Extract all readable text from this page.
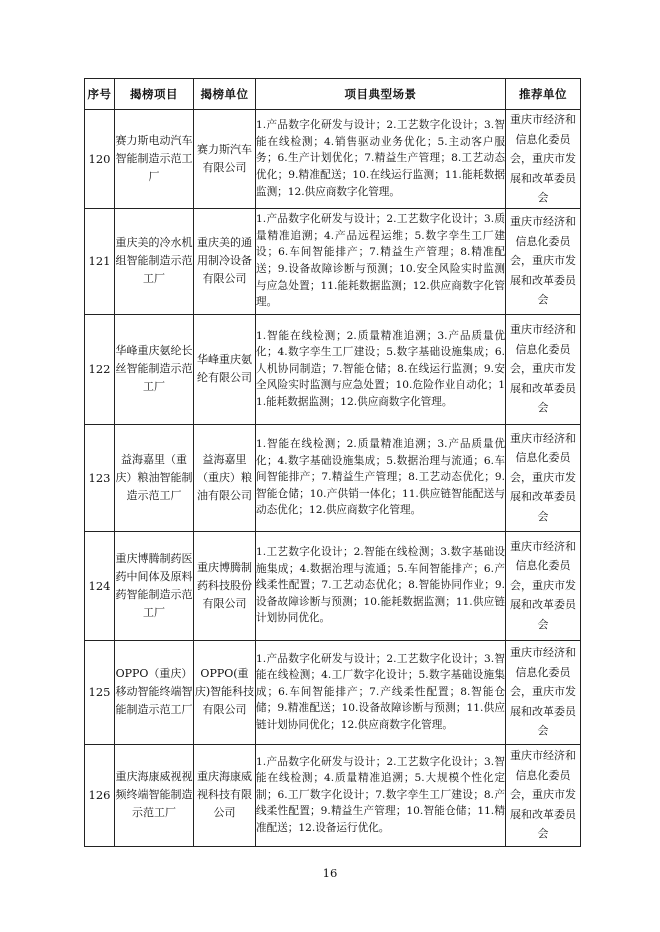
序号	揭榜项目	揭榜单位	项目典型场景	推荐单位
120	赛力斯电动汽车智能制造示范工厂	赛力斯汽车有限公司	1.产品数字化研发与设计；2.工艺数字化设计；3.智能在线检测；4.销售驱动业务优化；5.主动客户服务；6.生产计划优化；7.精益生产管理；8.工艺动态优化；9.精准配送；10.在线运行监测；11.能耗数据监测；12.供应商数字化管理。	重庆市经济和信息化委员会，重庆市发展和改革委员会
121	重庆美的冷水机组智能制造示范工厂	重庆美的通用制冷设备有限公司	1.产品数字化研发与设计；2.工艺数字化设计；3.质量精准追溯；4.产品远程运维；5.数字孪生工厂建设；6.车间智能排产；7.精益生产管理；8.精准配送；9.设备故障诊断与预测；10.安全风险实时监测与应急处置；11.能耗数据监测；12.供应商数字化管理。	重庆市经济和信息化委员会，重庆市发展和改革委员会
122	华峰重庆氨纶长丝智能制造示范工厂	华峰重庆氨纶有限公司	1.智能在线检测；2.质量精准追溯；3.产品质量优化；4.数字孪生工厂建设；5.数字基础设施集成；6.人机协同制造；7.智能仓储；8.在线运行监测；9.安全风险实时监测与应急处置；10.危险作业自动化；11.能耗数据监测；12.供应商数字化管理。	重庆市经济和信息化委员会，重庆市发展和改革委员会
123	益海嘉里（重庆）粮油智能制造示范工厂	益海嘉里（重庆）粮油有限公司	1.智能在线检测；2.质量精准追溯；3.产品质量优化；4.数字基础设施集成；5.数据治理与流通；6.车间智能排产；7.精益生产管理；8.工艺动态优化；9.智能仓储；10.产供销一体化；11.供应链智能配送与动态优化；12.供应商数字化管理。	重庆市经济和信息化委员会，重庆市发展和改革委员会
124	重庆博腾制药医药中间体及原料药智能制造示范工厂	重庆博腾制药科技股份有限公司	1.工艺数字化设计；2.智能在线检测；3.数字基础设施集成；4.数据治理与流通；5.车间智能排产；6.产线柔性配置；7.工艺动态优化；8.智能协同作业；9.设备故障诊断与预测；10.能耗数据监测；11.供应链计划协同优化。	重庆市经济和信息化委员会，重庆市发展和改革委员会
125	OPPO（重庆）移动智能终端智能制造示范工厂	OPPO(重庆)智能科技有限公司	1.产品数字化研发与设计；2.工艺数字化设计；3.智能在线检测；4.工厂数字化设计；5.数字基础设施集成；6.车间智能排产；7.产线柔性配置；8.智能仓储；9.精准配送；10.设备故障诊断与预测；11.供应链计划协同优化；12.供应商数字化管理。	重庆市经济和信息化委员会，重庆市发展和改革委员会
126	重庆海康威视视频终端智能制造示范工厂	重庆海康威视科技有限公司	1.产品数字化研发与设计；2.工艺数字化设计；3.智能在线检测；4.质量精准追溯；5.大规模个性化定制；6.工厂数字化设计；7.数字孪生工厂建设；8.产线柔性配置；9.精益生产管理；10.智能仓储；11.精准配送；12.设备运行优化。	重庆市经济和信息化委员会，重庆市发展和改革委员会
16
